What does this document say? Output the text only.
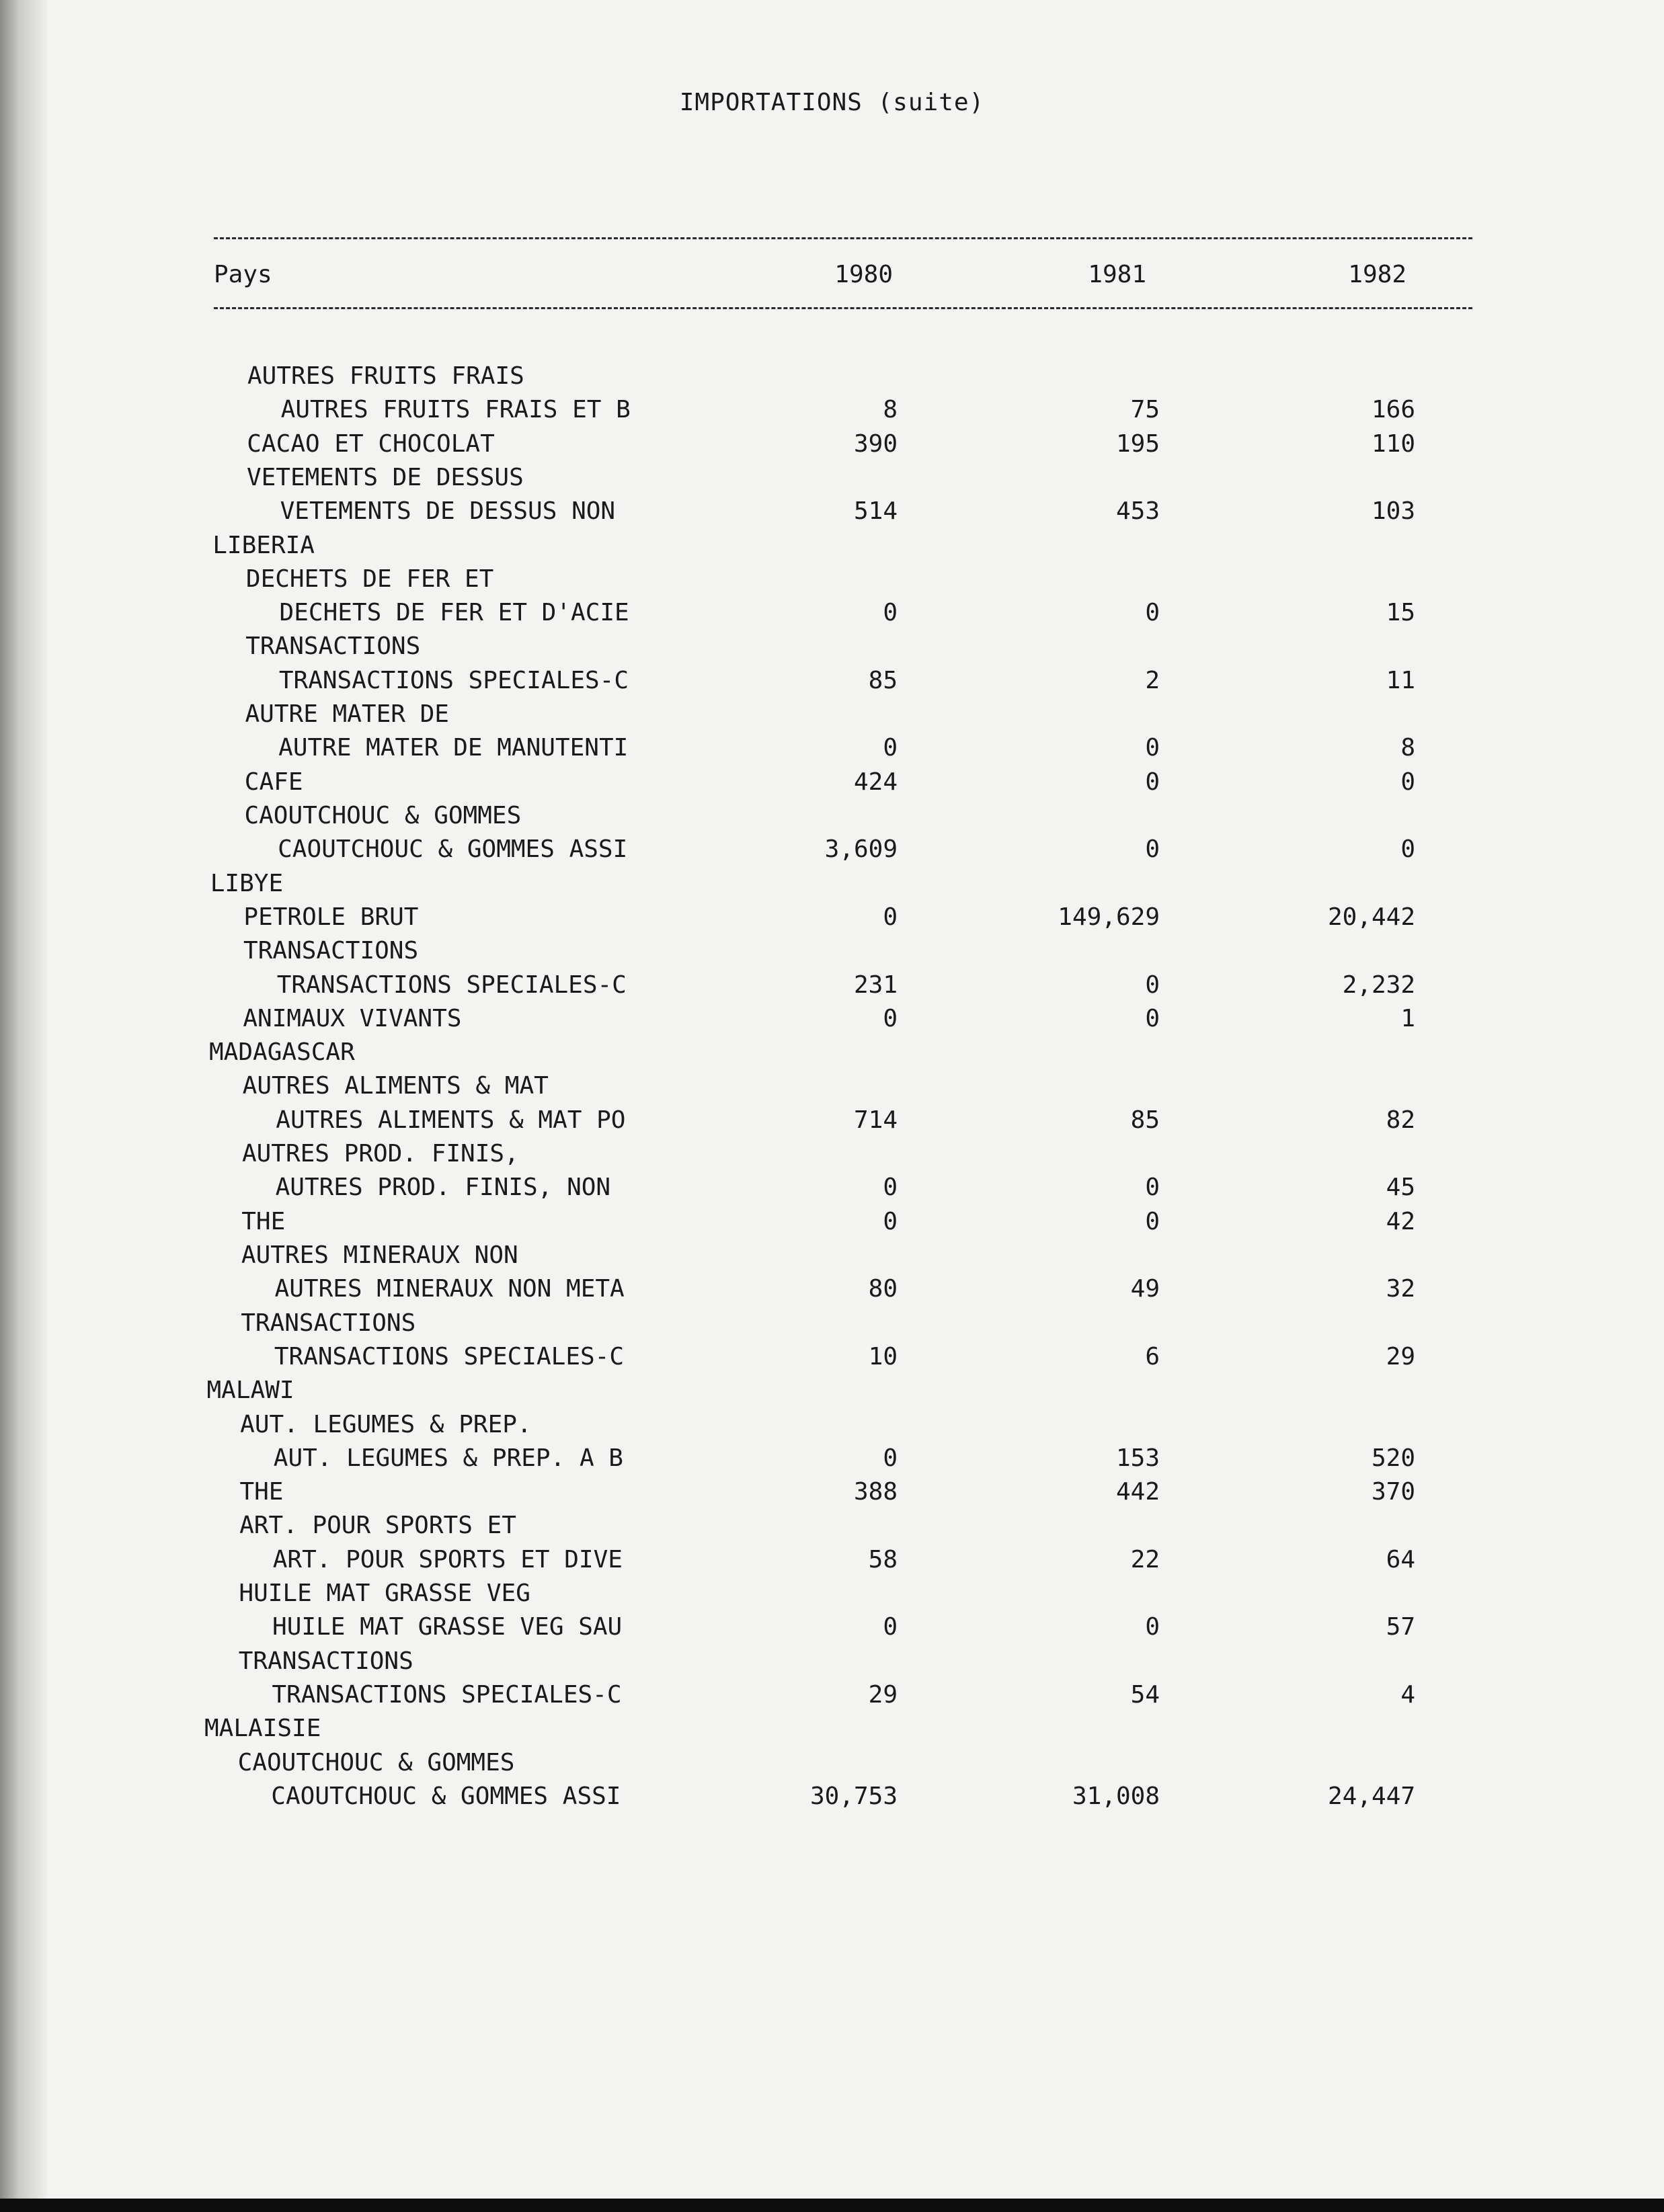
IMPORTATIONS (suite)
Pays	1980	1981	1982
AUTRES FRUITS FRAIS
AUTRES FRUITS FRAIS ET B	8	75	166
CACAO ET CHOCOLAT	390	195	110
VETEMENTS DE DESSUS
VETEMENTS DE DESSUS NON	514	453	103
LIBERIA
DECHETS DE FER ET
DECHETS DE FER ET D'ACIE	0	0	15
TRANSACTIONS
TRANSACTIONS SPECIALES-C	85	2	11
AUTRE MATER DE
AUTRE MATER DE MANUTENTI	0	0	8
CAFE	424	0	0
CAOUTCHOUC & GOMMES
CAOUTCHOUC & GOMMES ASSI	3,609	0	0
LIBYE
PETROLE BRUT	0	149,629	20,442
TRANSACTIONS
TRANSACTIONS SPECIALES-C	231	0	2,232
ANIMAUX VIVANTS	0	0	1
MADAGASCAR
AUTRES ALIMENTS & MAT
AUTRES ALIMENTS & MAT PO	714	85	82
AUTRES PROD. FINIS,
AUTRES PROD. FINIS, NON	0	0	45
THE	0	0	42
AUTRES MINERAUX NON
AUTRES MINERAUX NON META	80	49	32
TRANSACTIONS
TRANSACTIONS SPECIALES-C	10	6	29
MALAWI
AUT. LEGUMES & PREP.
AUT. LEGUMES & PREP. A B	0	153	520
THE	388	442	370
ART. POUR SPORTS ET
ART. POUR SPORTS ET DIVE	58	22	64
HUILE MAT GRASSE VEG
HUILE MAT GRASSE VEG SAU	0	0	57
TRANSACTIONS
TRANSACTIONS SPECIALES-C	29	54	4
MALAISIE
CAOUTCHOUC & GOMMES
CAOUTCHOUC & GOMMES ASSI	30,753	31,008	24,447
